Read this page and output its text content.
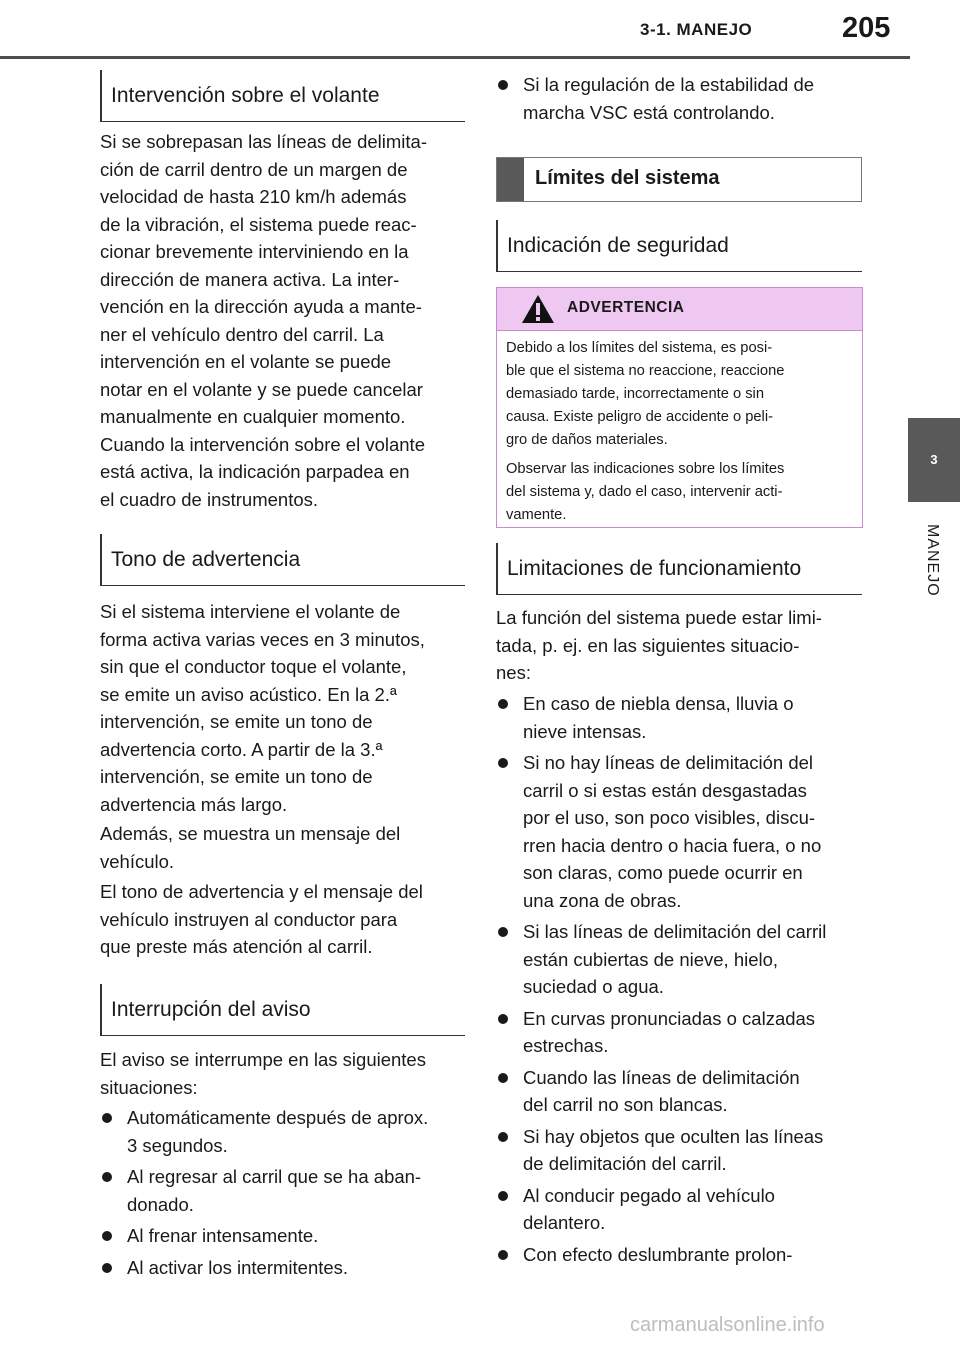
3-1. MANEJO	205
3
MANEJO
Intervención sobre el volante

Si se sobrepasan las líneas de delimita-
ción de carril dentro de un margen de
velocidad de hasta 210 km/h además
de la vibración, el sistema puede reac-
cionar brevemente interviniendo en la
dirección de manera activa. La inter-
vención en la dirección ayuda a mante-
ner el vehículo dentro del carril. La
intervención en el volante se puede
notar en el volante y se puede cancelar
manualmente en cualquier momento.
Cuando la intervención sobre el volante
está activa, la indicación parpadea en
el cuadro de instrumentos.

Tono de advertencia

Si el sistema interviene el volante de
forma activa varias veces en 3 minutos,
sin que el conductor toque el volante,
se emite un aviso acústico. En la 2.ª
intervención, se emite un tono de
advertencia corto. A partir de la 3.ª
intervención, se emite un tono de
advertencia más largo.

Además, se muestra un mensaje del
vehículo.

El tono de advertencia y el mensaje del
vehículo instruyen al conductor para
que preste más atención al carril.

Interrupción del aviso

El aviso se interrumpe en las siguientes
situaciones:

Automáticamente después de aprox.
3 segundos.
Al regresar al carril que se ha aban-
donado.
Al frenar intensamente.
Al activar los intermitentes.
Si la regulación de la estabilidad de
marcha VSC está controlando.
Límites del sistema
Indicación de seguridad
ADVERTENCIA

Debido a los límites del sistema, es posi-
ble que el sistema no reaccione, reaccione
demasiado tarde, incorrectamente o sin
causa. Existe peligro de accidente o peli-
gro de daños materiales.

Observar las indicaciones sobre los límites
del sistema y, dado el caso, intervenir acti-
vamente.

Limitaciones de funcionamiento

La función del sistema puede estar limi-
tada, p. ej. en las siguientes situacio-
nes:

En caso de niebla densa, lluvia o
nieve intensas.
Si no hay líneas de delimitación del
carril o si estas están desgastadas
por el uso, son poco visibles, discu-
rren hacia dentro o hacia fuera, o no
son claras, como puede ocurrir en
una zona de obras.
Si las líneas de delimitación del carril
están cubiertas de nieve, hielo,
suciedad o agua.
En curvas pronunciadas o calzadas
estrechas.
Cuando las líneas de delimitación
del carril no son blancas.
Si hay objetos que oculten las líneas
de delimitación del carril.
Al conducir pegado al vehículo
delantero.
Con efecto deslumbrante prolon-
carmanualsonline.info
